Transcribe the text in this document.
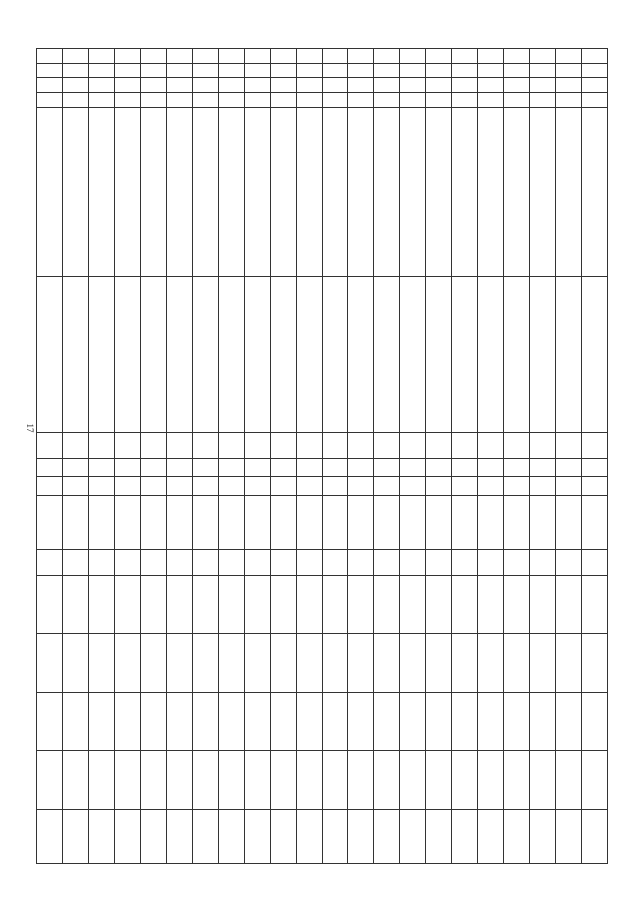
17
